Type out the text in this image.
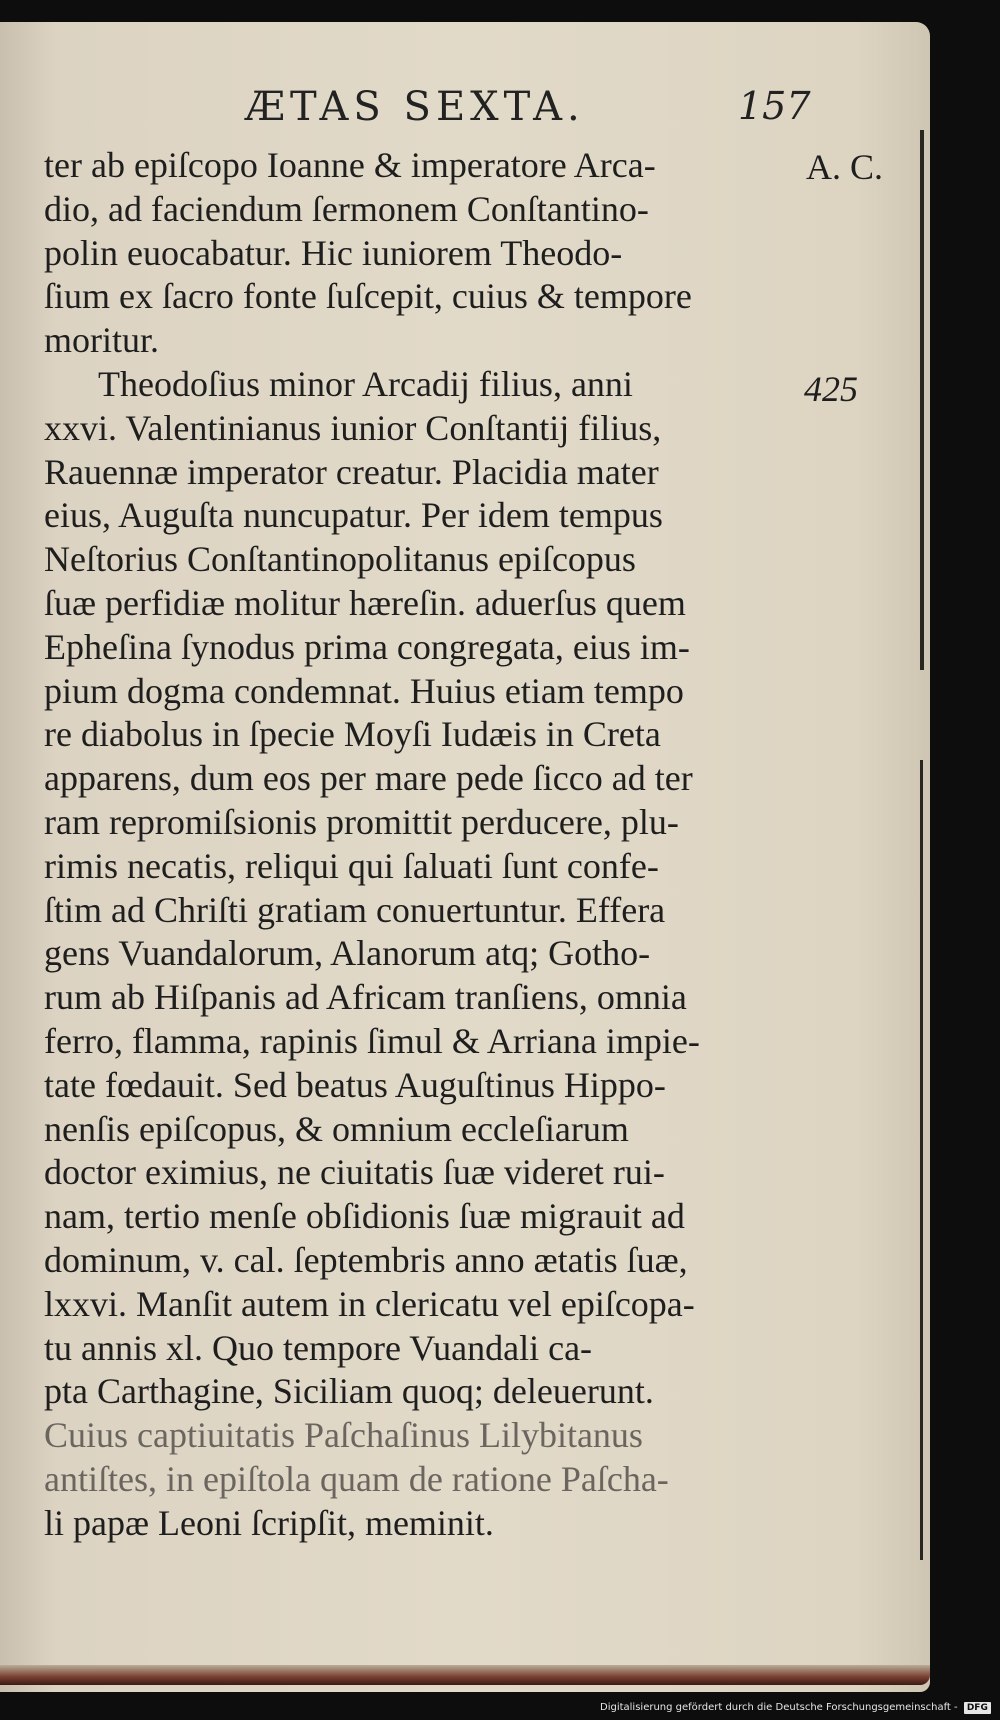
ÆTAS SEXTA.	157
A. C.
425
ter ab epiſcopo Ioanne & imperatore Arca-
dio, ad faciendum ſermonem Conſtantino-
polin euocabatur. Hic iuniorem Theodo-
ſium ex ſacro fonte ſuſcepit, cuius & tempore
moritur.
Theodoſius minor Arcadij filius, anni
xxvi. Valentinianus iunior Conſtantij filius,
Rauennæ imperator creatur. Placidia mater
eius, Auguſta nuncupatur. Per idem tempus
Neſtorius Conſtantinopolitanus epiſcopus
ſuæ perfidiæ molitur hæreſin. aduerſus quem
Epheſina ſynodus prima congregata, eius im-
pium dogma condemnat. Huius etiam tempo
re diabolus in ſpecie Moyſi Iudæis in Creta
apparens, dum eos per mare pede ſicco ad ter
ram repromiſsionis promittit perducere, plu-
rimis necatis, reliqui qui ſaluati ſunt confe-
ſtim ad Chriſti gratiam conuertuntur. Effera
gens Vuandalorum, Alanorum atq; Gotho-
rum ab Hiſpanis ad Africam tranſiens, omnia
ferro, flamma, rapinis ſimul & Arriana impie-
tate fœdauit. Sed beatus Auguſtinus Hippo-
nenſis epiſcopus, & omnium eccleſiarum
doctor eximius, ne ciuitatis ſuæ videret rui-
nam, tertio menſe obſidionis ſuæ migrauit ad
dominum, v. cal. ſeptembris anno ætatis ſuæ,
lxxvi. Manſit autem in clericatu vel epiſcopa-
tu annis xl. Quo tempore Vuandali ca-
pta Carthagine, Siciliam quoq; deleuerunt.
Cuius captiuitatis Paſchaſinus Lilybitanus
antiſtes, in epiſtola quam de ratione Paſcha-
li papæ Leoni ſcripſit, meminit.
Digitalisierung gefördert durch die Deutsche Forschungsgemeinschaft - DFG
